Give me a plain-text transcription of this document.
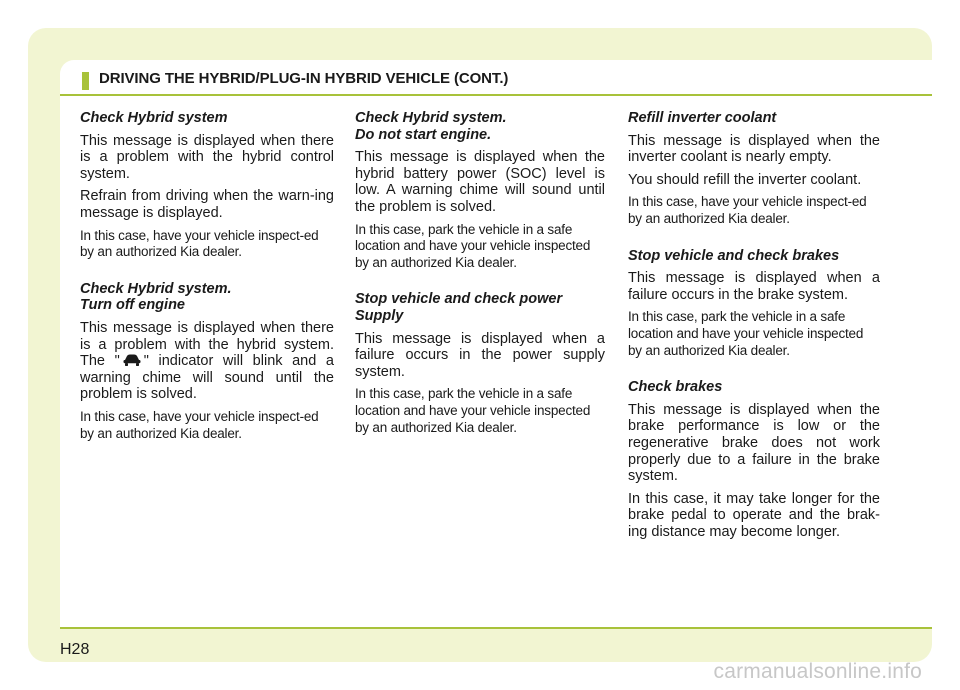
DRIVING THE HYBRID/PLUG-IN HYBRID VEHICLE (CONT.)
Check Hybrid system
This message is displayed when there is a problem with the hybrid control system.
Refrain from driving when the warn-ing message is displayed.
In this case, have your vehicle inspect-ed by an authorized Kia dealer.
Check Hybrid system.
Turn off engine
This message is displayed when there is a problem with the hybrid system. The " " indicator will blink and a warning chime will sound until the problem is solved.
In this case, have your vehicle inspect-ed by an authorized Kia dealer.
Check Hybrid system.
Do not start engine.
This message is displayed when the hybrid battery power (SOC) level is low. A warning chime will sound until the problem is solved.
In this case, park the vehicle in a safe location and have your vehicle inspected by an authorized Kia dealer.
Stop vehicle and check power
Supply
This message is displayed when a failure occurs in the power supply system.
In this case, park the vehicle in a safe location and have your vehicle inspected by an authorized Kia dealer.
Refill inverter coolant
This message is displayed when the inverter coolant is nearly empty.
You should refill the inverter coolant.
In this case, have your vehicle inspect-ed by an authorized Kia dealer.
Stop vehicle and check brakes
This message is displayed when a failure occurs in the brake system.
In this case, park the vehicle in a safe location and have your vehicle inspected by an authorized Kia dealer.
Check brakes
This message is displayed when the brake performance is low or the regenerative brake does not work properly due to a failure in the brake system.
In this case, it may take longer for the brake pedal to operate and the brak-ing distance may become longer.
H28
carmanualsonline.info
